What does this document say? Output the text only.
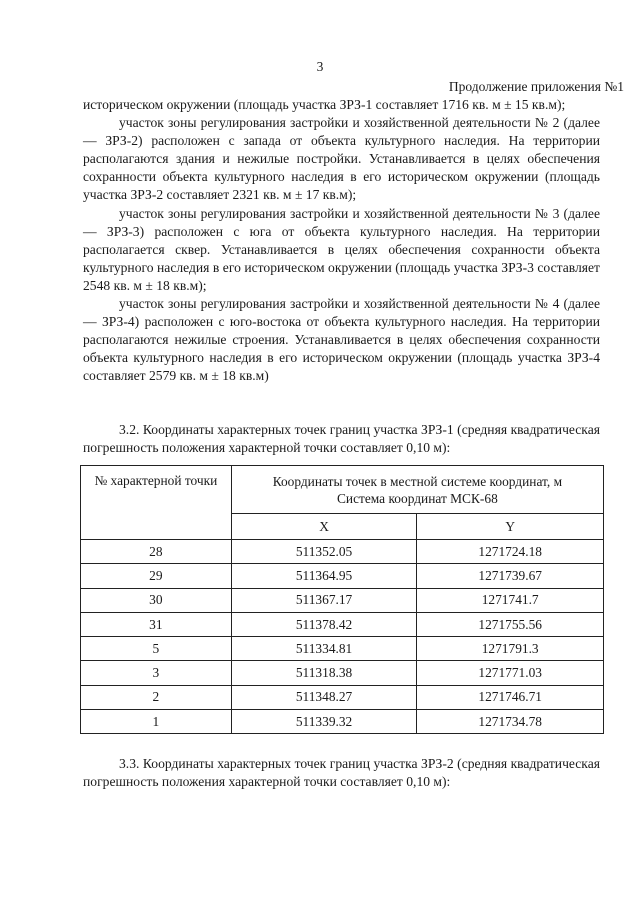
3
Продолжение приложения №1

историческом окружении (площадь участка ЗРЗ-1 составляет 1716 кв. м ± 15 кв.м);

участок зоны регулирования застройки и хозяйственной деятельности № 2 (далее — ЗРЗ-2) расположен с запада от объекта культурного наследия. На территории располагаются здания и нежилые постройки. Устанавливается в целях обеспечения сохранности объекта культурного наследия в его историческом окружении (площадь участка ЗРЗ-2 составляет 2321 кв. м ± 17 кв.м);

участок зоны регулирования застройки и хозяйственной деятельности № 3 (далее — ЗРЗ-3) расположен с юга от объекта культурного наследия. На территории располагается сквер. Устанавливается в целях обеспечения сохранности объекта культурного наследия в его историческом окружении (площадь участка ЗРЗ-3 составляет 2548 кв. м ± 18 кв.м);

участок зоны регулирования застройки и хозяйственной деятельности № 4 (далее — ЗРЗ-4) расположен с юго-востока от объекта культурного наследия. На территории располагаются нежилые строения. Устанавливается в целях обеспечения сохранности объекта культурного наследия в его историческом окружении (площадь участка ЗРЗ-4 составляет 2579 кв. м ± 18 кв.м)

3.2. Координаты характерных точек границ участка ЗРЗ-1 (средняя квадратическая погрешность положения характерной точки составляет 0,10 м):

№ характерной точки	Координаты точек в местной системе координат, м
Система координат МСК-68	

	X	Y
28	511352.05	1271724.18
29	511364.95	1271739.67
30	511367.17	1271741.7
31	511378.42	1271755.56
5	511334.81	1271791.3
3	511318.38	1271771.03
2	511348.27	1271746.71
1	511339.32	1271734.78

3.3. Координаты характерных точек границ участка ЗРЗ-2 (средняя квадратическая погрешность положения характерной точки составляет 0,10 м):
